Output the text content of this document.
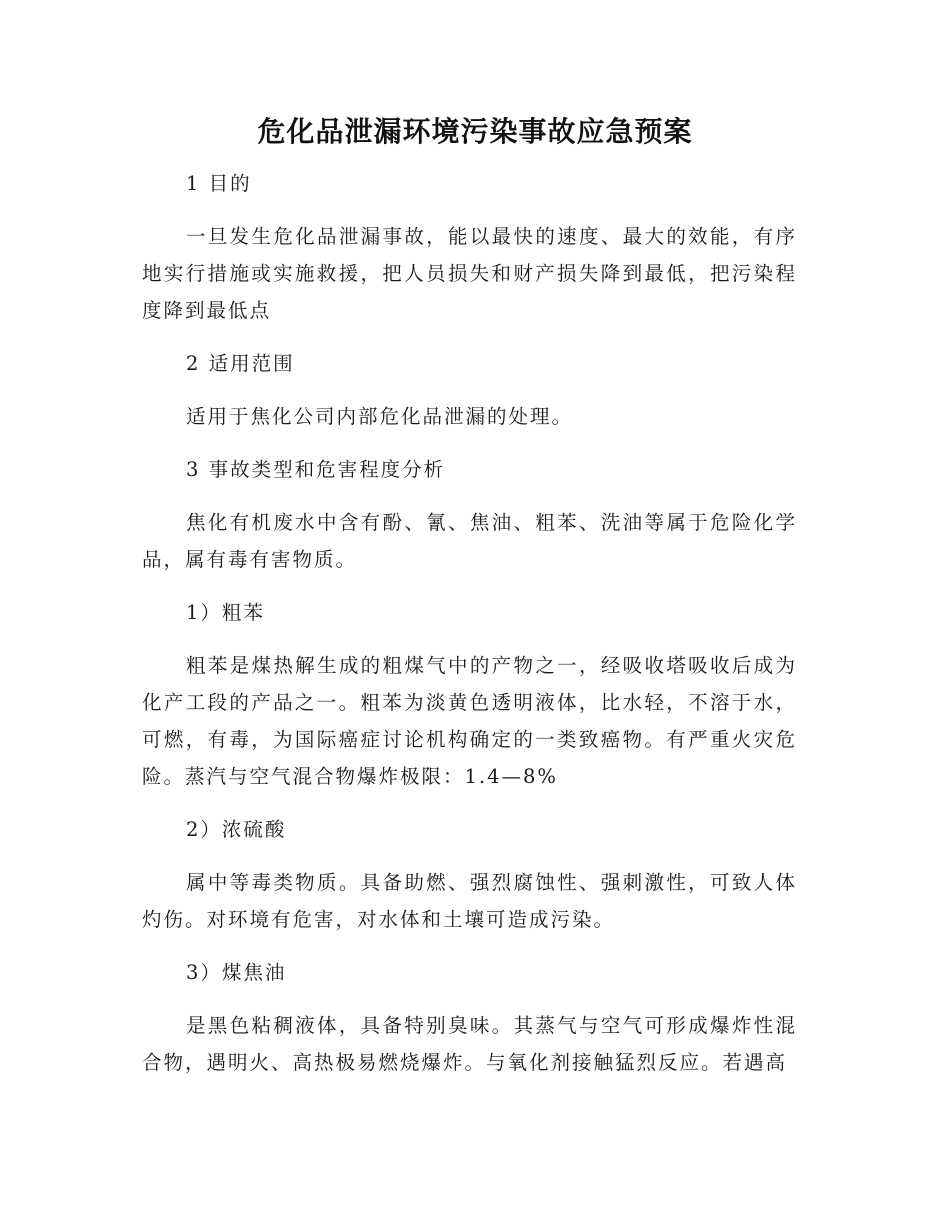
危化品泄漏环境污染事故应急预案

1 目的

一旦发生危化品泄漏事故，能以最快的速度、最大的效能，有序地实行措施或实施救援，把人员损失和财产损失降到最低，把污染程度降到最低点

2 适用范围

适用于焦化公司内部危化品泄漏的处理。

3 事故类型和危害程度分析

焦化有机废水中含有酚、氰、焦油、粗苯、洗油等属于危险化学品，属有毒有害物质。

1）粗苯

粗苯是煤热解生成的粗煤气中的产物之一，经吸收塔吸收后成为化产工段的产品之一。粗苯为淡黄色透明液体，比水轻，不溶于水，可燃，有毒，为国际癌症讨论机构确定的一类致癌物。有严重火灾危险。蒸汽与空气混合物爆炸极限：1.4—8%

2）浓硫酸

属中等毒类物质。具备助燃、强烈腐蚀性、强刺激性，可致人体灼伤。对环境有危害，对水体和土壤可造成污染。

3）煤焦油

是黑色粘稠液体，具备特别臭味。其蒸气与空气可形成爆炸性混合物，遇明火、高热极易燃烧爆炸。与氧化剂接触猛烈反应。若遇高
